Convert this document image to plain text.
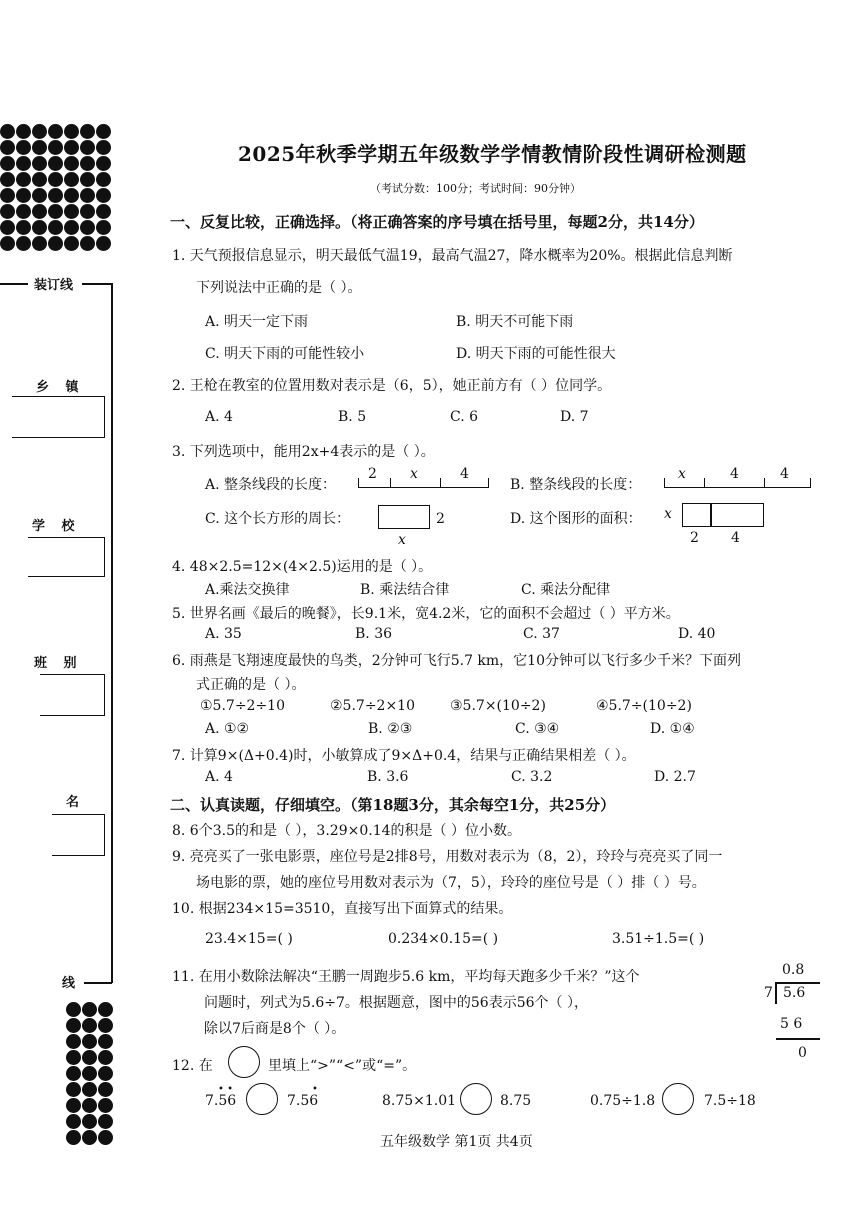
装订线
乡 镇
学 校
班 别
名
线
2025年秋季学期五年级数学学情教情阶段性调研检测题
（考试分数：100分；考试时间：90分钟）
一、反复比较，正确选择。（将正确答案的序号填在括号里，每题2分，共14分）
1. 天气预报信息显示，明天最低气温19，最高气温27，降水概率为20%。根据此信息判断
下列说法中正确的是（ ）。
A. 明天一定下雨	B. 明天不可能下雨
C. 明天下雨的可能性较小	D. 明天下雨的可能性很大
2. 王枪在教室的位置用数对表示是（6，5），她正前方有（ ）位同学。
A. 4	B. 5	C. 6	D. 7
3. 下列选项中，能用2x+4表示的是（ ）。
A. 整条线段的长度：
2 x	4
B. 整条线段的长度：
x	4	4
C. 这个长方形的周长：	2
x
D. 这个图形的面积： x
2 4
4. 48×2.5=12×(4×2.5)运用的是（ ）。
A.乘法交换律	B. 乘法结合律	C. 乘法分配律
5. 世界名画《最后的晚餐》，长9.1米，宽4.2米，它的面积不会超过（ ）平方米。
A. 35	B. 36	C. 37	D. 40
6. 雨燕是飞翔速度最快的鸟类，2分钟可飞行5.7 km，它10分钟可以飞行多少千米？下面列
式正确的是（ ）。
①5.7÷2÷10	②5.7÷2×10	③5.7×(10÷2)	④5.7÷(10÷2)
A. ①②	B. ②③	C. ③④	D. ①④
7. 计算9×(Δ+0.4)时，小敏算成了9×Δ+0.4，结果与正确结果相差（ ）。
A. 4	B. 3.6	C. 3.2	D. 2.7
二、认真读题，仔细填空。（第18题3分，其余每空1分，共25分）
8. 6个3.5的和是（ ），3.29×0.14的积是（ ）位小数。
9. 亮亮买了一张电影票，座位号是2排8号，用数对表示为（8，2），玲玲与亮亮买了同一
场电影的票，她的座位号用数对表示为（7，5），玲玲的座位号是（ ）排（ ）号。
10. 根据234×15=3510，直接写出下面算式的结果。
23.4×15=( )	0.234×0.15=( )	3.51÷1.5=( )
11. 在用小数除法解决“王鹏一周跑步5.6 km，平均每天跑多少千米？”这个
问题时，列式为5.6÷7。根据题意，图中的56表示56个（ ），
除以7后商是8个（ ）。
0.8
7 5.6
5 6
0
12. 在	里填上“>”“<”或“=”。
7.56
• •
7.56
•
8.75×1.01	8.75	0.75÷1.8	7.5÷18
五年级数学 第1页 共4页
